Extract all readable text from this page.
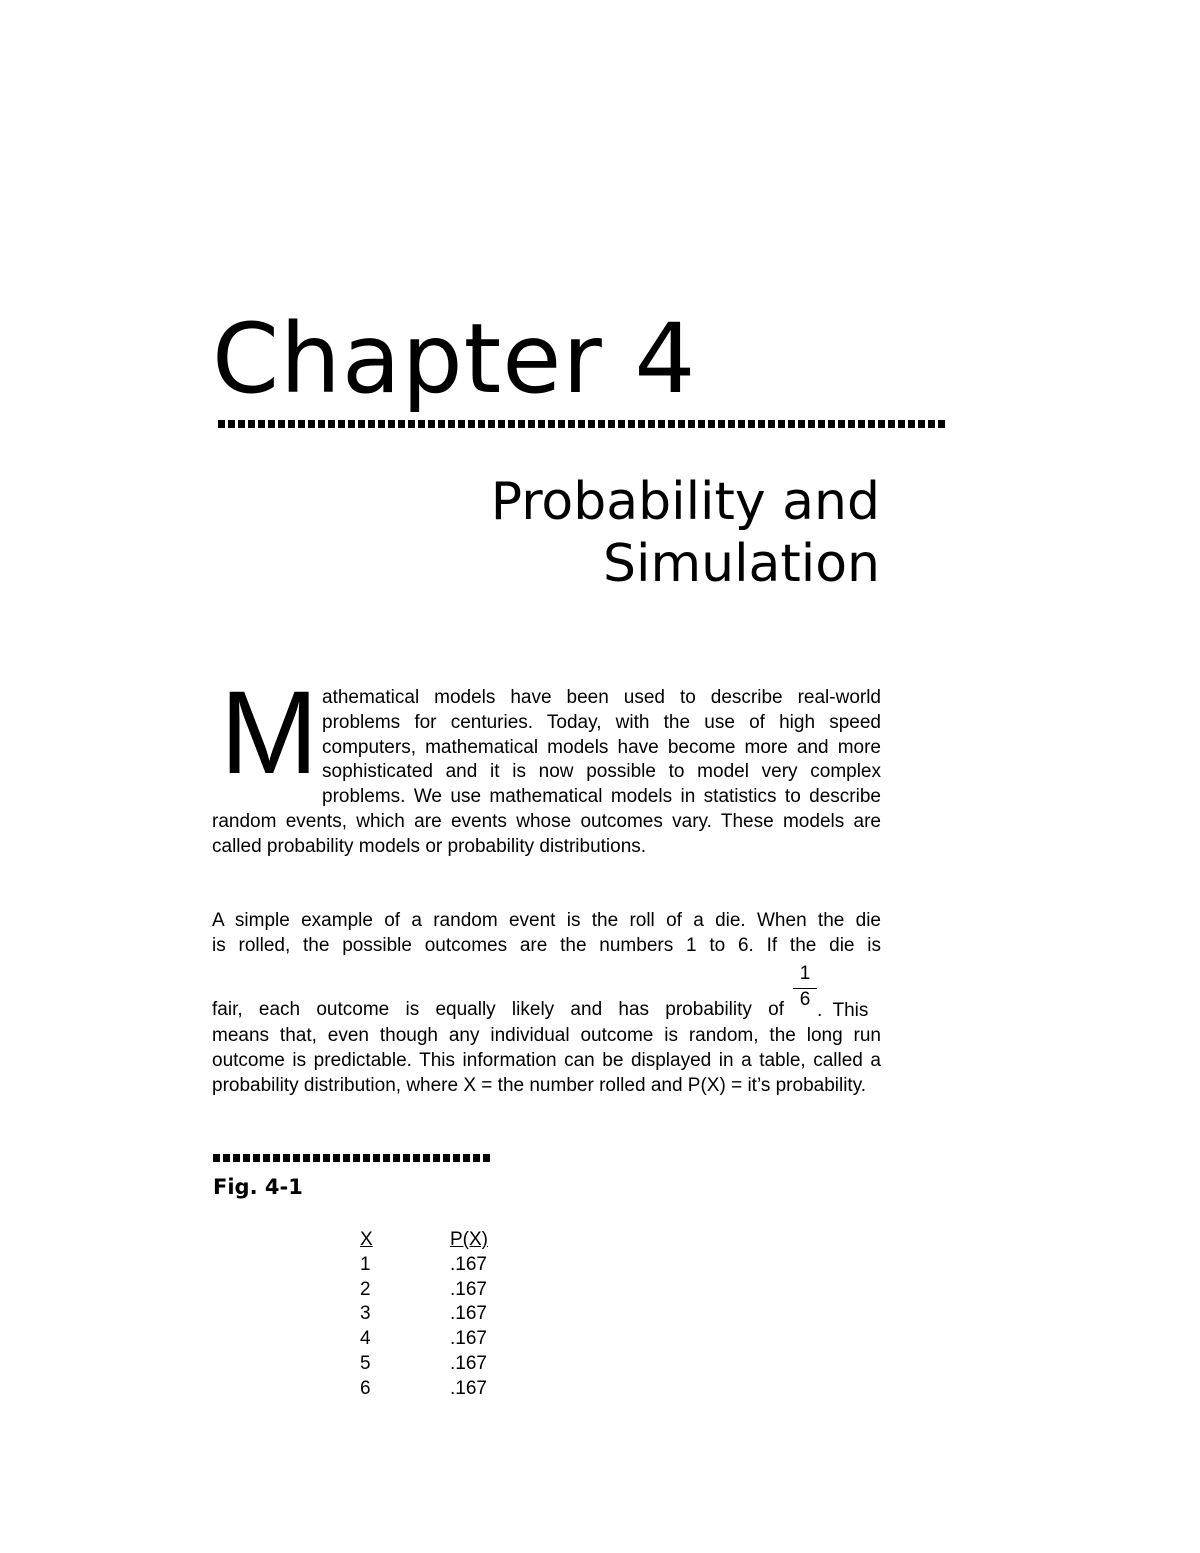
Chapter 4
Probability and
Simulation
M athematical models have been used to describe real-world problems for centuries. Today, with the use of high speed computers, mathematical models have become more and more sophisticated and it is now possible to model very complex problems. We use mathematical models in statistics to describe random events, which are events whose outcomes vary. These models are called probability models or probability distributions.
A simple example of a random event is the roll of a die. When the die
is rolled, the possible outcomes are the numbers 1 to 6. If the die is
fair, each outcome is equally likely and has probability of
1
6
.  This
means that, even though any individual outcome is random, the long run outcome is predictable. This information can be displayed in a table, called a probability distribution, where X = the number rolled and P(X) = it’s probability.

Fig. 4-1

X	P(X)
1	.167
2	.167
3	.167
4	.167
5	.167
6	.167
